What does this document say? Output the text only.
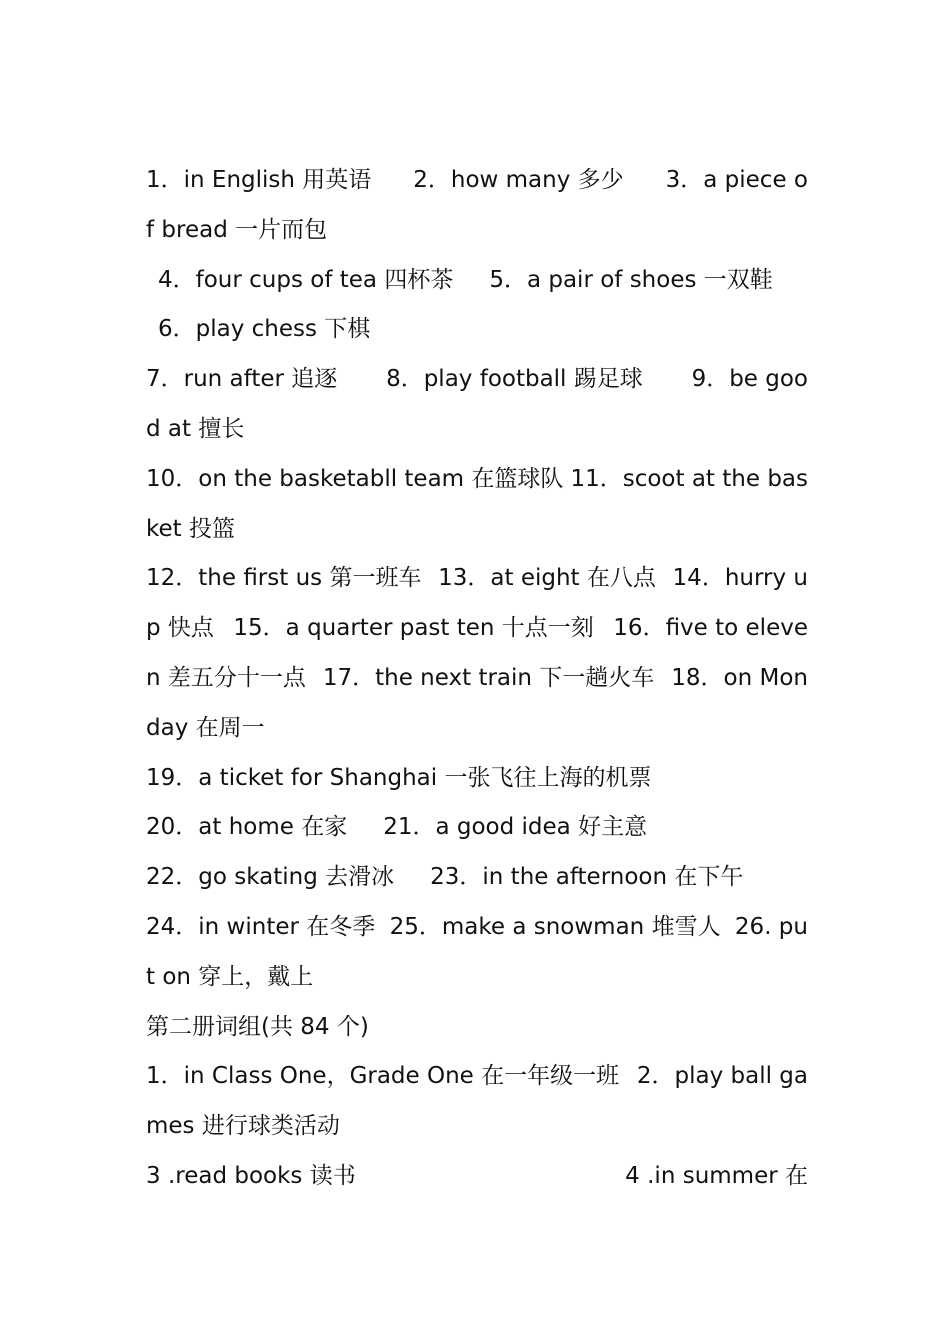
1．in English 用英语 2．how many 多少 3．a piece o
f bread 一片而包
4．four cups of tea 四杯茶 5．a pair of shoes 一双鞋
6．play chess 下棋
7．run after 追逐 8．play football 踢足球 9．be goo
d at 擅长
10．on the basketabll team 在篮球队 11．scoot at the bas
ket 投篮
12．the first us 第一班车 13．at eight 在八点 14．hurry u
p 快点 15．a quarter past ten 十点一刻 16．five to eleve
n 差五分十一点 17．the next train 下一趟火车 18．on Mon
day 在周一
19．a ticket for Shanghai 一张飞往上海的机票
20．at home 在家 21．a good idea 好主意
22．go skating 去滑冰 23．in the afternoon 在下午
24．in winter 在冬季 25．make a snowman 堆雪人 26. pu
t on 穿上，戴上
第二册词组(共 84 个)
1．in Class One，Grade One 在一年级一班 2．play ball ga
mes 进行球类活动
3 .read books 读书	4 .in summer 在
